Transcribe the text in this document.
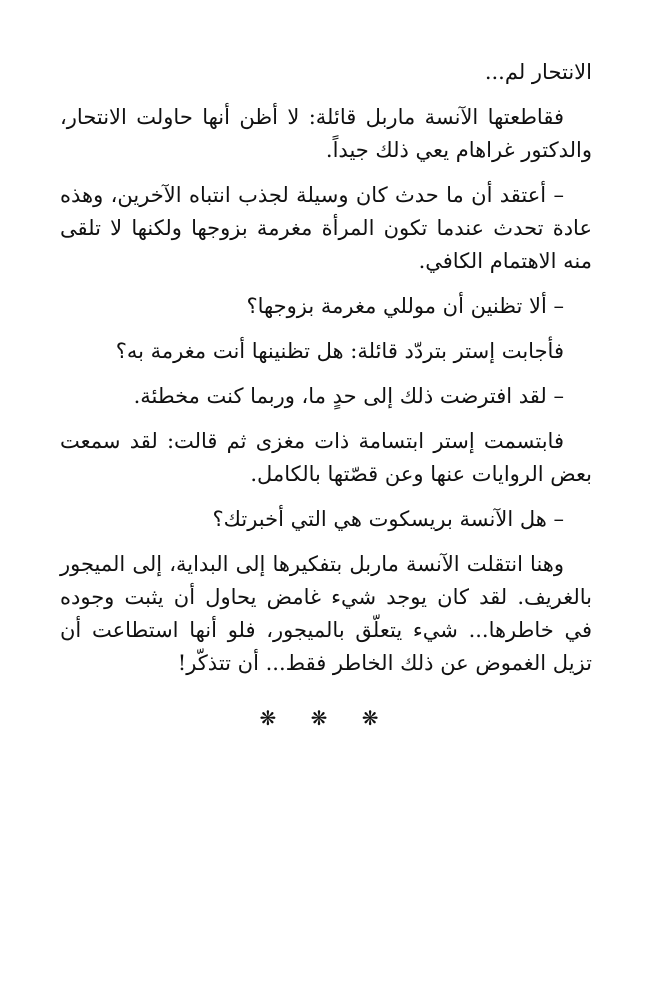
الانتحار لم...

فقاطعتها الآنسة ماربل قائلة: لا أظن أنها حاولت الانتحار، والدكتور غراهام يعي ذلك جيداً.

– أعتقد أن ما حدث كان وسيلة لجذب انتباه الآخرين، وهذه عادة تحدث عندما تكون المرأة مغرمة بزوجها ولكنها لا تلقى منه الاهتمام الكافي.

– ألا تظنين أن موللي مغرمة بزوجها؟

فأجابت إستر بتردّد قائلة: هل تظنينها أنت مغرمة به؟

– لقد افترضت ذلك إلى حدٍ ما، وربما كنت مخطئة.

فابتسمت إستر ابتسامة ذات مغزى ثم قالت: لقد سمعت بعض الروايات عنها وعن قصّتها بالكامل.

– هل الآنسة بريسكوت هي التي أخبرتك؟

وهنا انتقلت الآنسة ماربل بتفكيرها إلى البداية، إلى الميجور بالغريف. لقد كان يوجد شيء غامض يحاول أن يثبت وجوده في خاطرها... شيء يتعلّق بالميجور، فلو أنها استطاعت أن تزيل الغموض عن ذلك الخاطر فقط... أن تتذكّر!

❋ ❋ ❋
